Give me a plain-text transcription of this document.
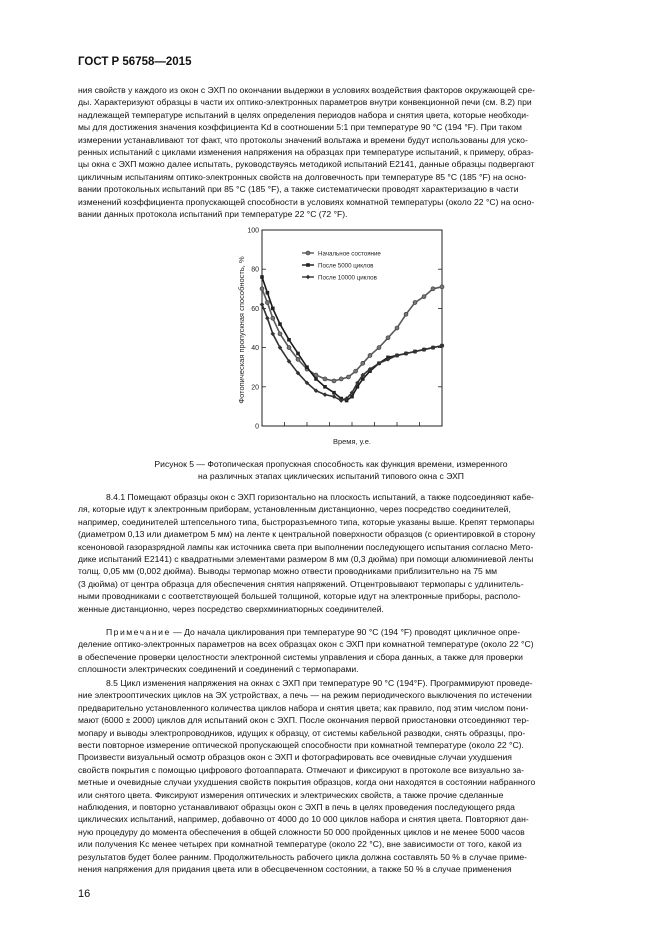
ГОСТ Р 56758—2015
ния свойств у каждого из окон с ЭХП по окончании выдержки в условиях воздействия факторов окружающей сре-
ды. Характеризуют образцы в части их оптико-электронных параметров внутри конвекционной печи (см. 8.2) при
надлежащей температуре испытаний в целях определения периодов набора и снятия цвета, которые необходи-
мы для достижения значения коэффициента Kd в соотношении 5:1 при температуре 90 °С (194 °F). При таком
измерении устанавливают тот факт, что протоколы значений вольтажа и времени будут использованы для уско-
ренных испытаний с циклами изменения напряжения на образцах при температуре испытаний, к примеру, образ-
цы окна с ЭХП можно далее испытать, руководствуясь методикой испытаний Е2141, данные образцы подвергают
цикличным испытаниям оптико-электронных свойств на долговечность при температуре 85 °С (185 °F) на осно-
вании протокольных испытаний при 85 °С (185 °F), а также систематически проводят характеризацию в части
изменений коэффициента пропускающей способности в условиях комнатной температуры (около 22 °С) на осно-
вании данных протокола испытаний при температуре 22 °С (72 °F).
Фотопическая пропускная способность, %
Время, у.е.
100
80
60
40
20
0
Начальное состояние
После 5000 циклов
После 10000 циклов
Рисунок 5 — Фотопическая пропускная способность как функция времени, измеренного
на различных этапах циклических испытаний типового окна с ЭХП
8.4.1 Помещают образцы окон с ЭХП горизонтально на плоскость испытаний, а также подсоединяют кабе-
ля, которые идут к электронным приборам, установленным дистанционно, через посредство соединителей,
например, соединителей штепсельного типа, быстроразъемного типа, которые указаны выше. Крепят термопары
(диаметром 0,13 или диаметром 5 мм) на ленте к центральной поверхности образцов (с ориентировкой в сторону
ксеноновой газоразрядной лампы как источника света при выполнении последующего испытания согласно Мето-
дике испытаний Е2141) с квадратными элементами размером 8 мм (0,3 дюйма) при помощи алюминиевой ленты
толщ. 0,05 мм (0,002 дюйма). Выводы термопар можно отвести проводниками приблизительно на 75 мм
(3 дюйма) от центра образца для обеспечения снятия напряжений. Отцентровывают термопары с удлинитель-
ными проводниками с соответствующей большей толщиной, которые идут на электронные приборы, располо-
женные дистанционно, через посредство сверхминиатюрных соединителей.
Примечание — До начала циклирования при температуре 90 °С (194 °F) проводят цикличное опре-
деление оптико-электронных параметров на всех образцах окон с ЭХП при комнатной температуре (около 22 °С)
в обеспечение проверки целостности электронной системы управления и сбора данных, а также для проверки
сплошности электрических соединений и соединений с термопарами.
8.5 Цикл изменения напряжения на окнах с ЭХП при температуре 90 °С (194°F). Программируют проведе-
ние электрооптических циклов на ЭХ устройствах, а печь — на режим периодического выключения по истечении
предварительно установленного количества циклов набора и снятия цвета; как правило, под этим числом пони-
мают (6000 ± 2000) циклов для испытаний окон с ЭХП. После окончания первой приостановки отсоединяют тер-
мопару и выводы электропроводников, идущих к образцу, от системы кабельной разводки, снять образцы, про-
вести повторное измерение оптической пропускающей способности при комнатной температуре (около 22 °С).
Произвести визуальный осмотр образцов окон с ЭХП и фотографировать все очевидные случаи ухудшения
свойств покрытия с помощью цифрового фотоаппарата. Отмечают и фиксируют в протоколе все визуально за-
метные и очевидные случаи ухудшения свойств покрытия образцов, когда они находятся в состоянии набранного
или снятого цвета. Фиксируют измерения оптических и электрических свойств, а также прочие сделанные
наблюдения, и повторно устанавливают образцы окон с ЭХП в печь в целях проведения последующего ряда
циклических испытаний, например, добавочно от 4000 до 10 000 циклов набора и снятия цвета. Повторяют дан-
ную процедуру до момента обеспечения в общей сложности 50 000 пройденных циклов и не менее 5000 часов
или получения Kc менее четырех при комнатной температуре (около 22 °С), вне зависимости от того, какой из
результатов будет более ранним. Продолжительность рабочего цикла должна составлять 50 % в случае приме-
нения напряжения для придания цвета или в обесцвеченном состоянии, а также 50 % в случае применения
16
